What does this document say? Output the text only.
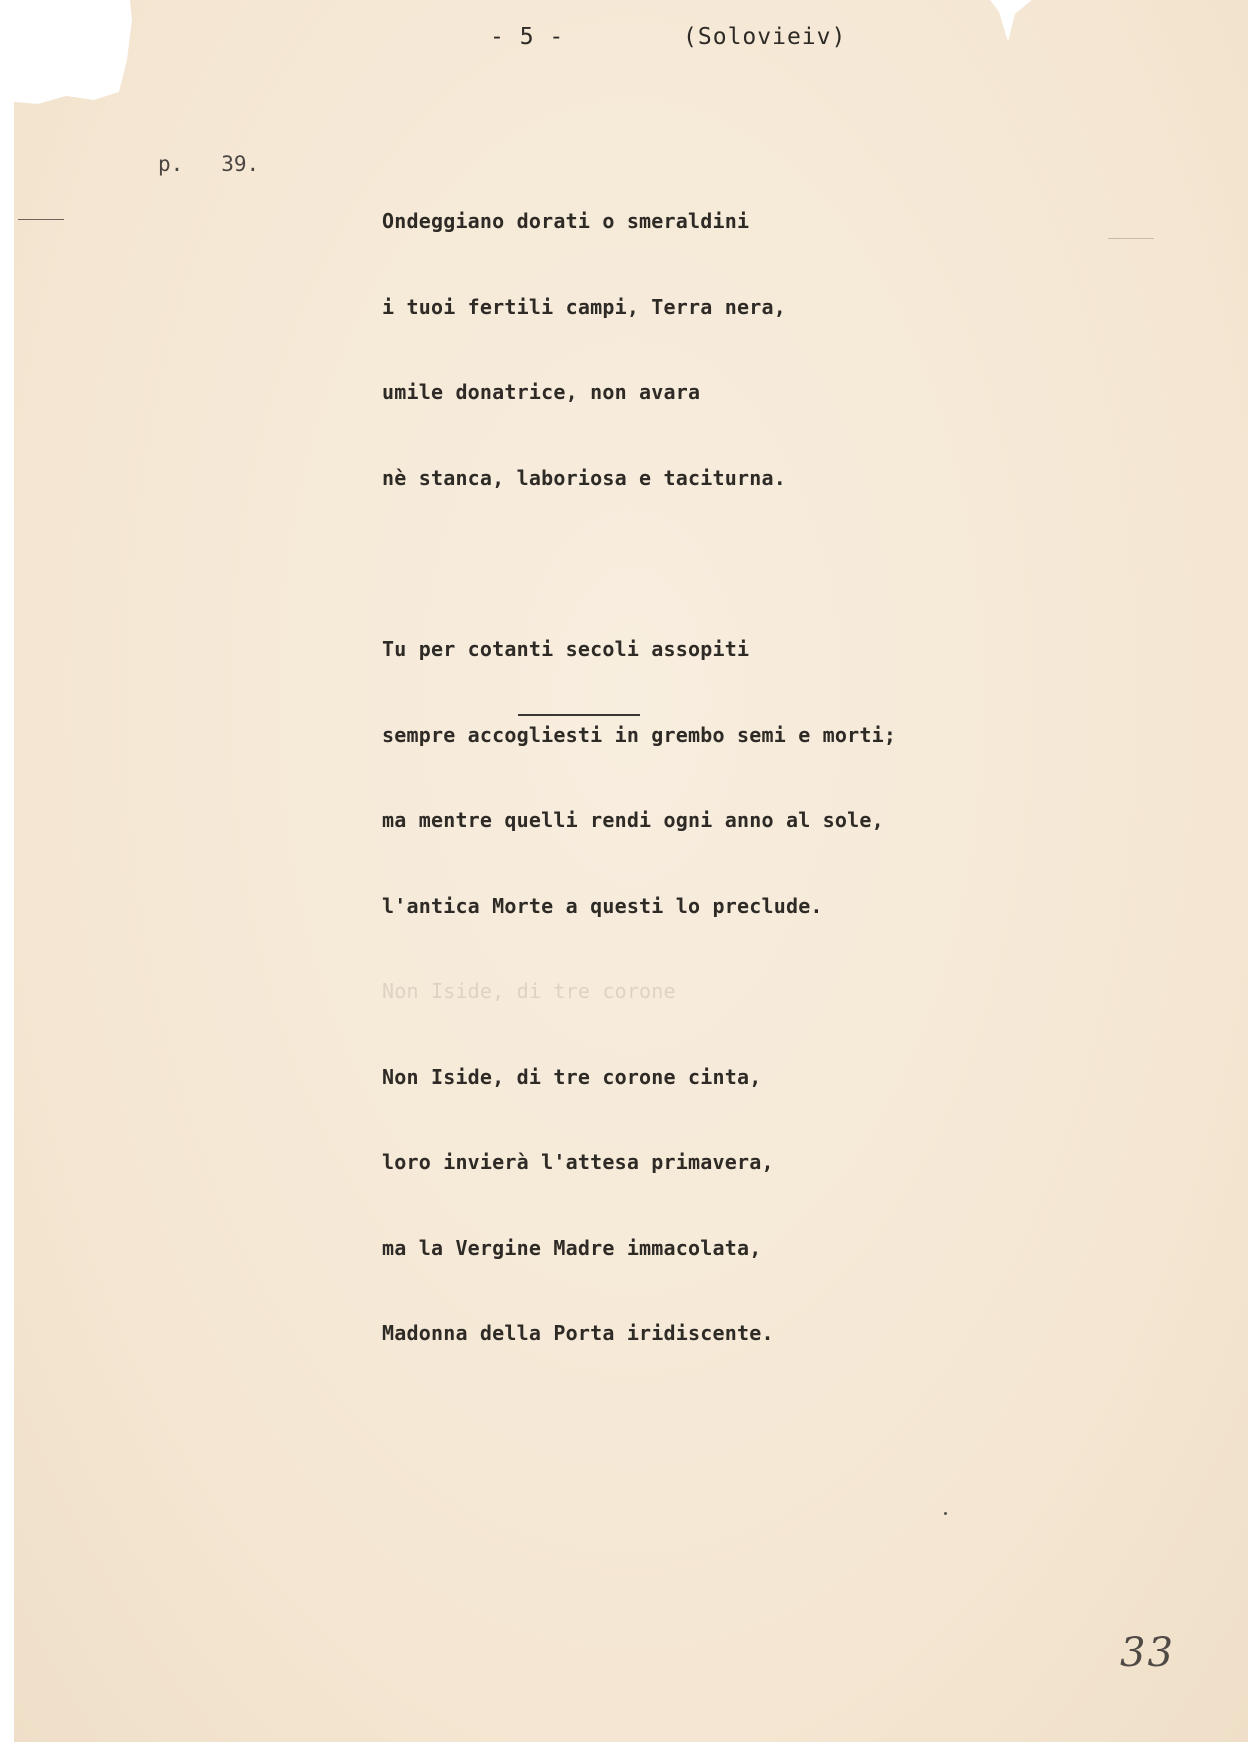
- 5 -	(Solovieiv)
p.   39.

Ondeggiano dorati o smeraldini

i tuoi fertili campi, Terra nera,

umile donatrice, non avara

nè stanca, laboriosa e taciturna.

Tu per cotanti secoli assopiti

sempre accogliesti in grembo semi e morti;

ma mentre quelli rendi ogni anno al sole,

l'antica Morte a questi lo preclude.

Non Iside, di tre corone

Non Iside, di tre corone cinta,

loro invierà l'attesa primavera,

ma la Vergine Madre immacolata,

Madonna della Porta iridiscente.

33
